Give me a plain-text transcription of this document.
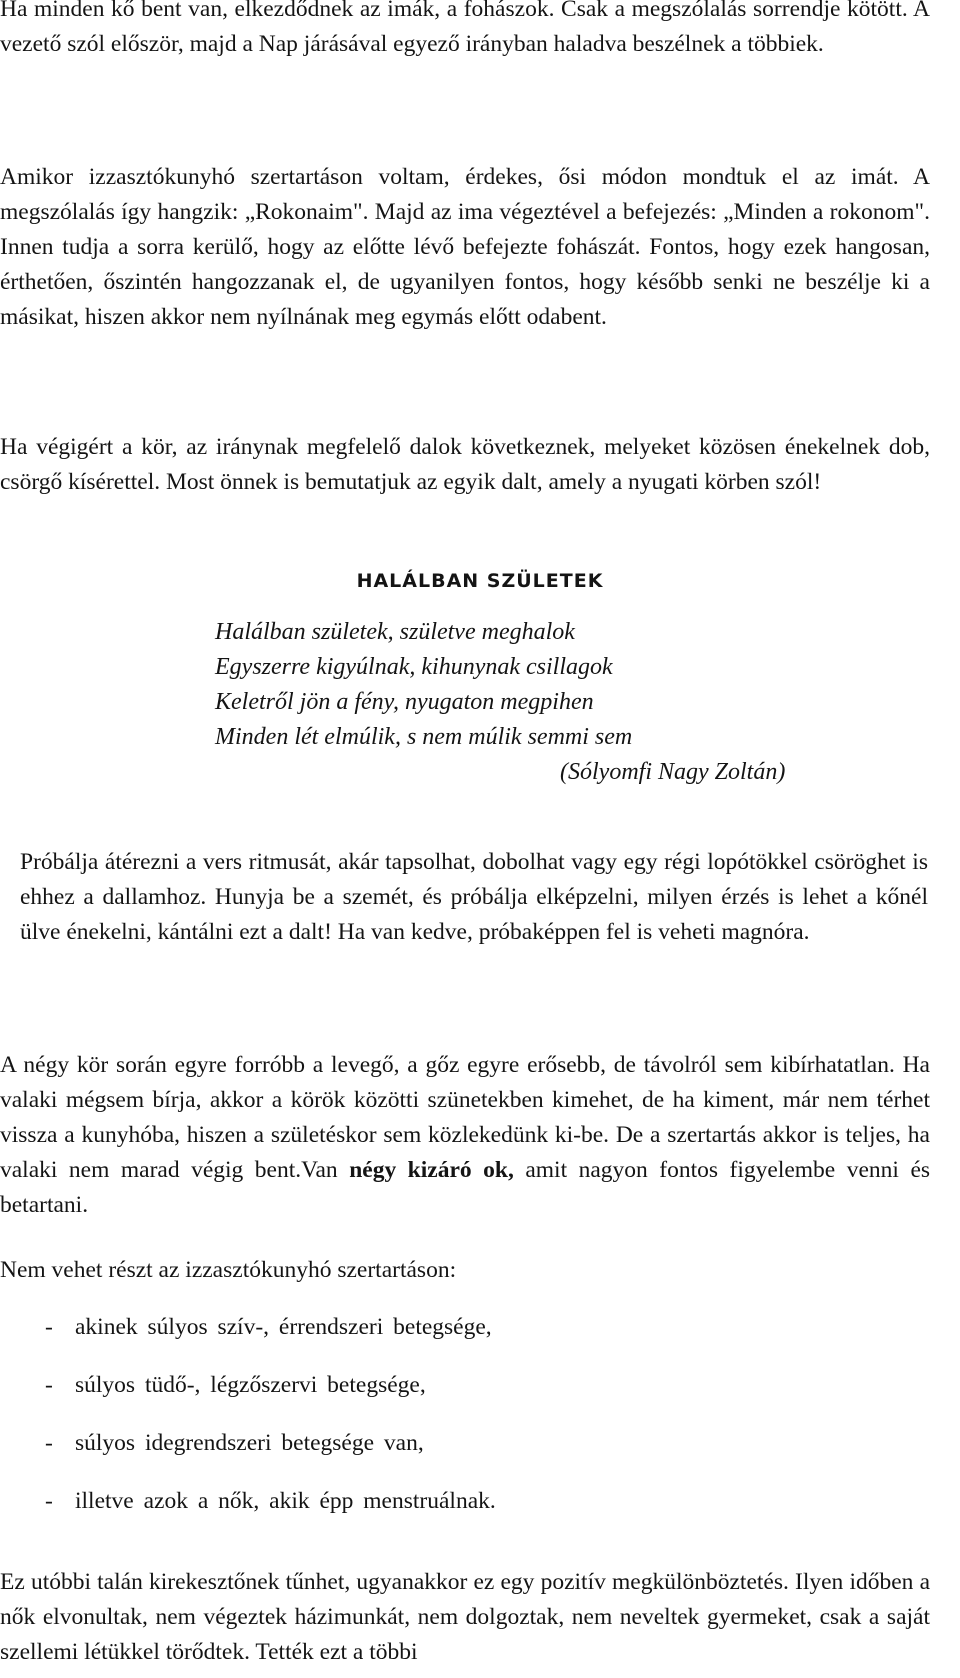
Ha minden kő bent van, elkezdődnek az imák, a fohászok. Csak a megszólalás sorrendje kötött. A vezető szól először, majd a Nap járásával egyező irányban haladva beszélnek a többiek.

Amikor izzasztókunyhó szertartáson voltam, érdekes, ősi módon mondtuk el az imát. A megszólalás így hangzik: „Rokonaim". Majd az ima végeztével a befejezés: „Minden a rokonom". Innen tudja a sorra kerülő, hogy az előtte lévő befejezte fohászát. Fontos, hogy ezek hangosan, érthetően, őszintén hangozzanak el, de ugyanilyen fontos, hogy később senki ne beszélje ki a másikat, hiszen akkor nem nyílnának meg egymás előtt odabent.

Ha végigért a kör, az iránynak megfelelő dalok következnek, melyeket közösen énekelnek dob, csörgő kísérettel. Most önnek is bemutatjuk az egyik dalt, amely a nyugati körben szól!

HALÁLBAN SZÜLETEK
Halálban születek, születve meghalok
Egyszerre kigyúlnak, kihunynak csillagok
Keletről jön a fény, nyugaton megpihen
Minden lét elmúlik, s nem múlik semmi sem

(Sólyomfi Nagy Zoltán)

Próbálja átérezni a vers ritmusát, akár tapsolhat, dobolhat vagy egy régi lopótökkel csöröghet is ehhez a dallamhoz. Hunyja be a szemét, és próbálja elképzelni, milyen érzés is lehet a kőnél ülve énekelni, kántálni ezt a dalt! Ha van kedve, próbaképpen fel is veheti magnóra.

A négy kör során egyre forróbb a levegő, a gőz egyre erősebb, de távolról sem kibírhatatlan. Ha valaki mégsem bírja, akkor a körök közötti szünetekben kimehet, de ha kiment, már nem térhet vissza a kunyhóba, hiszen a születéskor sem közlekedünk ki-be. De a szertartás akkor is teljes, ha valaki nem marad végig bent.Van négy kizáró ok, amit nagyon fontos figyelembe venni és betartani.

Nem vehet részt az izzasztókunyhó szertartáson:

- akinek súlyos szív-, érrendszeri betegsége,
- súlyos tüdő-, légzőszervi betegsége,
- súlyos idegrendszeri betegsége van,
- illetve azok a nők, akik épp menstruálnak.

Ez utóbbi talán kirekesztőnek tűnhet, ugyanakkor ez egy pozitív megkülönböztetés. Ilyen időben a nők elvonultak, nem végeztek házimunkát, nem dolgoztak, nem neveltek gyermeket, csak a saját szellemi létükkel törődtek. Tették ezt a többi
